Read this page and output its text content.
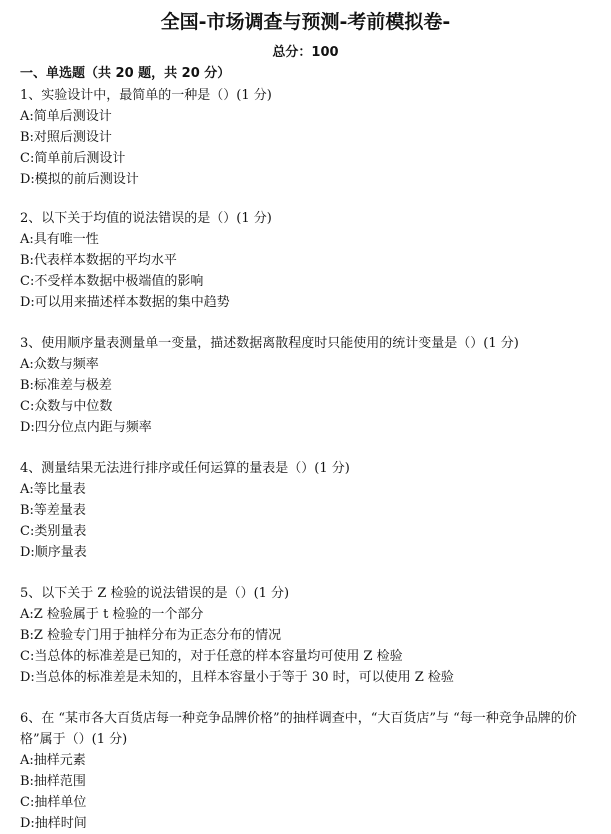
全国-市场调查与预测-考前模拟卷-
总分：100
一、单选题（共 20 题，共 20 分）
1、实验设计中，最简单的一种是（）(1 分)
A:简单后测设计
B:对照后测设计
C:简单前后测设计
D:模拟的前后测设计
2、以下关于均值的说法错误的是（）(1 分)
A:具有唯一性
B:代表样本数据的平均水平
C:不受样本数据中极端值的影响
D:可以用来描述样本数据的集中趋势
3、使用顺序量表测量单一变量，描述数据离散程度时只能使用的统计变量是（）(1 分)
A:众数与频率
B:标准差与极差
C:众数与中位数
D:四分位点内距与频率
4、测量结果无法进行排序或任何运算的量表是（）(1 分)
A:等比量表
B:等差量表
C:类别量表
D:顺序量表
5、以下关于 Z 检验的说法错误的是（）(1 分)
A:Z 检验属于 t 检验的一个部分
B:Z 检验专门用于抽样分布为正态分布的情况
C:当总体的标准差是已知的，对于任意的样本容量均可使用 Z 检验
D:当总体的标准差是未知的，且样本容量小于等于 30 时，可以使用 Z 检验
6、在 “某市各大百货店每一种竞争品牌价格”的抽样调查中，“大百货店”与 “每一种竞争品牌的价格”属于（）(1 分)
A:抽样元素
B:抽样范围
C:抽样单位
D:抽样时间
